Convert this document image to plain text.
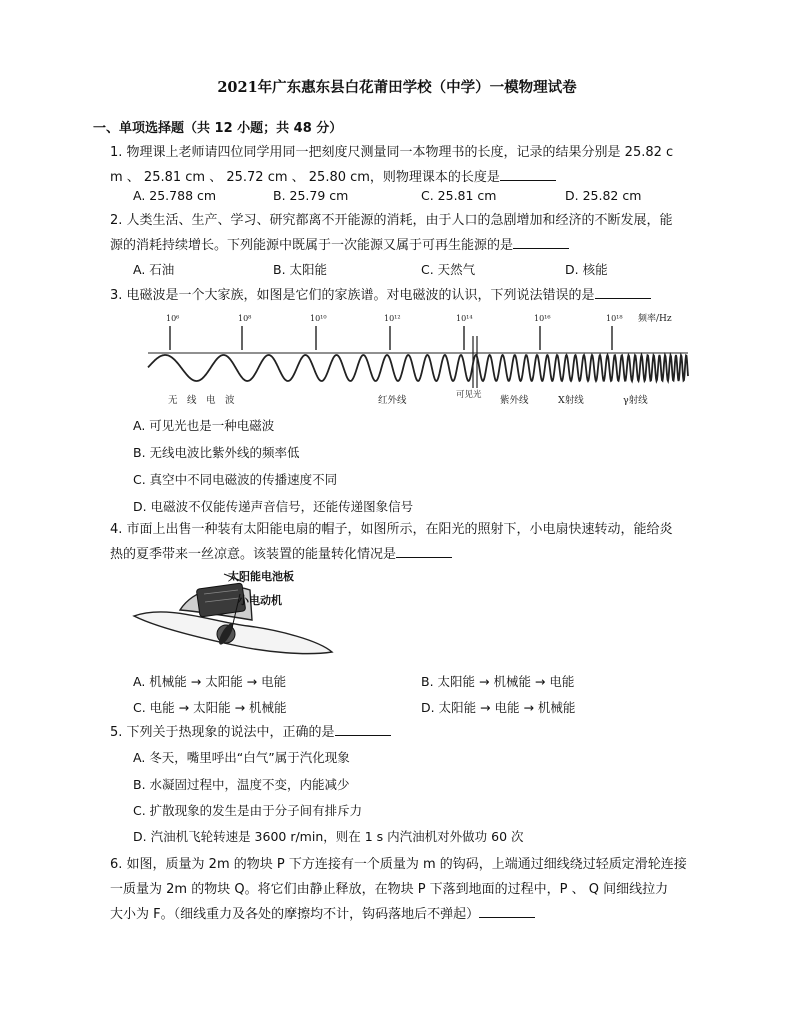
2021年广东惠东县白花莆田学校（中学）一模物理试卷
一、单项选择题（共 12 小题；共 48 分）
1. 物理课上老师请四位同学用同一把刻度尺测量同一本物理书的长度，记录的结果分别是 25.82 c
m 、 25.81 cm 、 25.72 cm 、 25.80 cm，则物理课本的长度是
A. 25.788 cm	B. 25.79 cm	C. 25.81 cm	D. 25.82 cm
2. 人类生活、生产、学习、研究都离不开能源的消耗，由于人口的急剧增加和经济的不断发展，能
源的消耗持续增长。下列能源中既属于一次能源又属于可再生能源的是
A. 石油	B. 太阳能	C. 天然气	D. 核能
3. 电磁波是一个大家族，如图是它们的家族谱。对电磁波的认识，下列说法错误的是
10⁶	10⁸	10¹⁰	10¹²	10¹⁴	10¹⁶	10¹⁸ 频率/Hz
无　线　电　波	红外线	可见光 紫外线	X射线	γ射线
A. 可见光也是一种电磁波
B. 无线电波比紫外线的频率低
C. 真空中不同电磁波的传播速度不同
D. 电磁波不仅能传递声音信号，还能传递图象信号
4. 市面上出售一种装有太阳能电扇的帽子，如图所示，在阳光的照射下，小电扇快速转动，能给炎
热的夏季带来一丝凉意。该装置的能量转化情况是
太阳能电池板
小电动机
A. 机械能 → 太阳能 → 电能	B. 太阳能 → 机械能 → 电能
C. 电能 → 太阳能 → 机械能	D. 太阳能 → 电能 → 机械能
5. 下列关于热现象的说法中，正确的是
A. 冬天，嘴里呼出“白气”属于汽化现象
B. 水凝固过程中，温度不变，内能减少
C. 扩散现象的发生是由于分子间有排斥力
D. 汽油机飞轮转速是 3600 r/min，则在 1 s 内汽油机对外做功 60 次
6. 如图，质量为 2m 的物块 P 下方连接有一个质量为 m 的钩码，上端通过细线绕过轻质定滑轮连接
一质量为 2m 的物块 Q。将它们由静止释放，在物块 P 下落到地面的过程中，P 、 Q 间细线拉力
大小为 F。（细线重力及各处的摩擦均不计，钩码落地后不弹起）
